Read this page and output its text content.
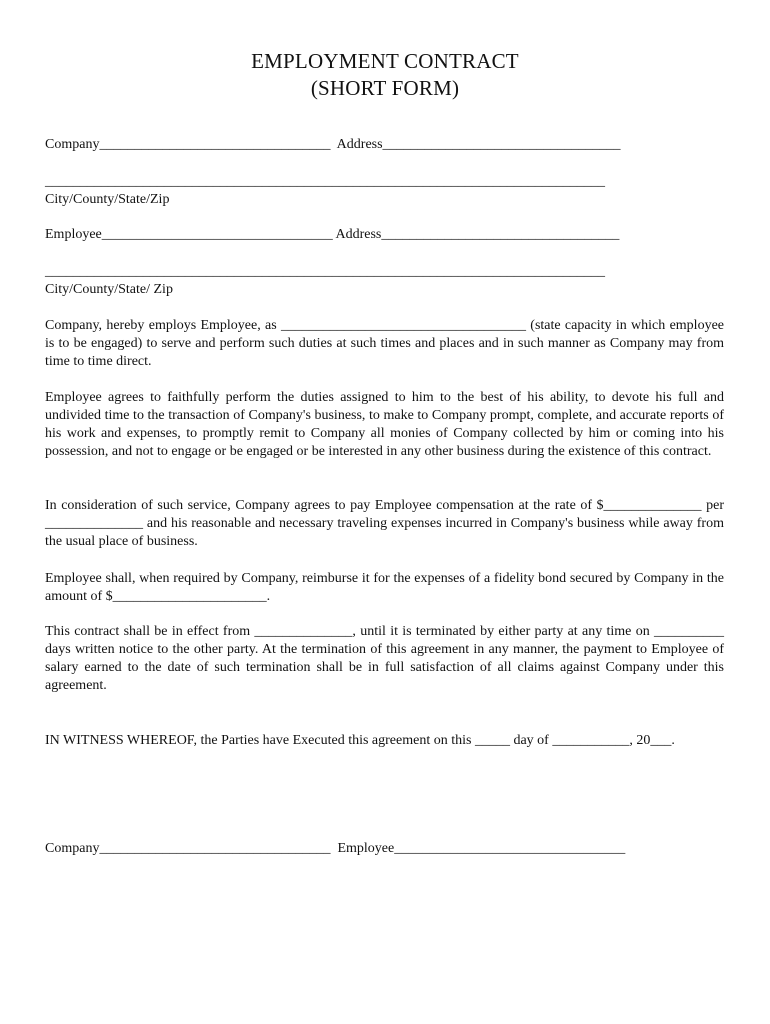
EMPLOYMENT CONTRACT
(SHORT FORM)
Company_________________________________  Address__________________________________
________________________________________________________________________________
City/County/State/Zip
Employee_________________________________ Address__________________________________
________________________________________________________________________________
City/County/State/ Zip
Company, hereby employs Employee, as ___________________________________ (state capacity in which employee is to be engaged) to serve and perform such duties at such times and places and in such manner as Company may from time to time direct.
Employee agrees to faithfully perform the duties assigned to him to the best of his ability, to devote his full and undivided time to the transaction of Company's business, to make to Company prompt, complete, and accurate reports of his work and expenses, to promptly remit to Company all monies of Company collected by him or coming into his possession, and not to engage or be engaged or be interested in any other business during the existence of this contract.
In consideration of such service, Company agrees to pay Employee compensation at the rate of $______________ per ______________ and his reasonable and necessary traveling expenses incurred in Company's business while away from the usual place of business.
Employee shall, when required by Company, reimburse it for the expenses of a fidelity bond secured by Company in the amount of $______________________.
This contract shall be in effect from ______________, until it is terminated by either party at any time on __________ days written notice to the other party. At the termination of this agreement in any manner, the payment to Employee of salary earned to the date of such termination shall be in full satisfaction of all claims against Company under this agreement.
IN WITNESS WHEREOF, the Parties have Executed this agreement on this _____ day of ___________, 20___.
Company_________________________________  Employee_________________________________
